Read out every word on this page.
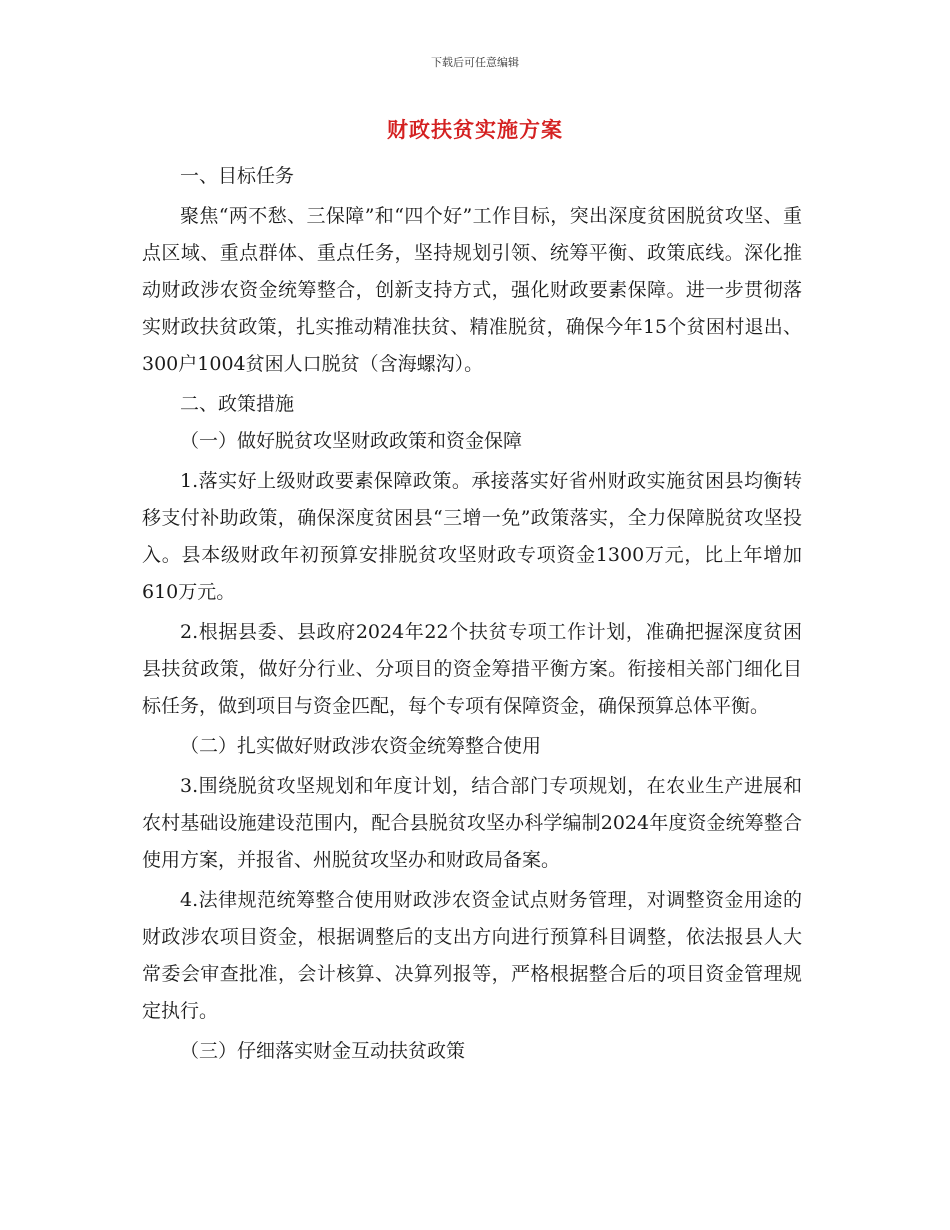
下载后可任意编辑
财政扶贫实施方案

一、目标任务

聚焦“两不愁、三保障”和“四个好”工作目标，突出深度贫困脱贫攻坚、重点区域、重点群体、重点任务，坚持规划引领、统筹平衡、政策底线。深化推动财政涉农资金统筹整合，创新支持方式，强化财政要素保障。进一步贯彻落实财政扶贫政策，扎实推动精准扶贫、精准脱贫，确保今年15个贫困村退出、300户1004贫困人口脱贫（含海螺沟）。

二、政策措施

（一）做好脱贫攻坚财政政策和资金保障

1.落实好上级财政要素保障政策。承接落实好省州财政实施贫困县均衡转移支付补助政策，确保深度贫困县“三增一免”政策落实，全力保障脱贫攻坚投入。县本级财政年初预算安排脱贫攻坚财政专项资金1300万元，比上年增加610万元。

2.根据县委、县政府2024年22个扶贫专项工作计划，准确把握深度贫困县扶贫政策，做好分行业、分项目的资金筹措平衡方案。衔接相关部门细化目标任务，做到项目与资金匹配，每个专项有保障资金，确保预算总体平衡。

（二）扎实做好财政涉农资金统筹整合使用

3.围绕脱贫攻坚规划和年度计划，结合部门专项规划，在农业生产进展和农村基础设施建设范围内，配合县脱贫攻坚办科学编制2024年度资金统筹整合使用方案，并报省、州脱贫攻坚办和财政局备案。

4.法律规范统筹整合使用财政涉农资金试点财务管理，对调整资金用途的财政涉农项目资金，根据调整后的支出方向进行预算科目调整，依法报县人大常委会审查批准，会计核算、决算列报等，严格根据整合后的项目资金管理规定执行。

（三）仔细落实财金互动扶贫政策
